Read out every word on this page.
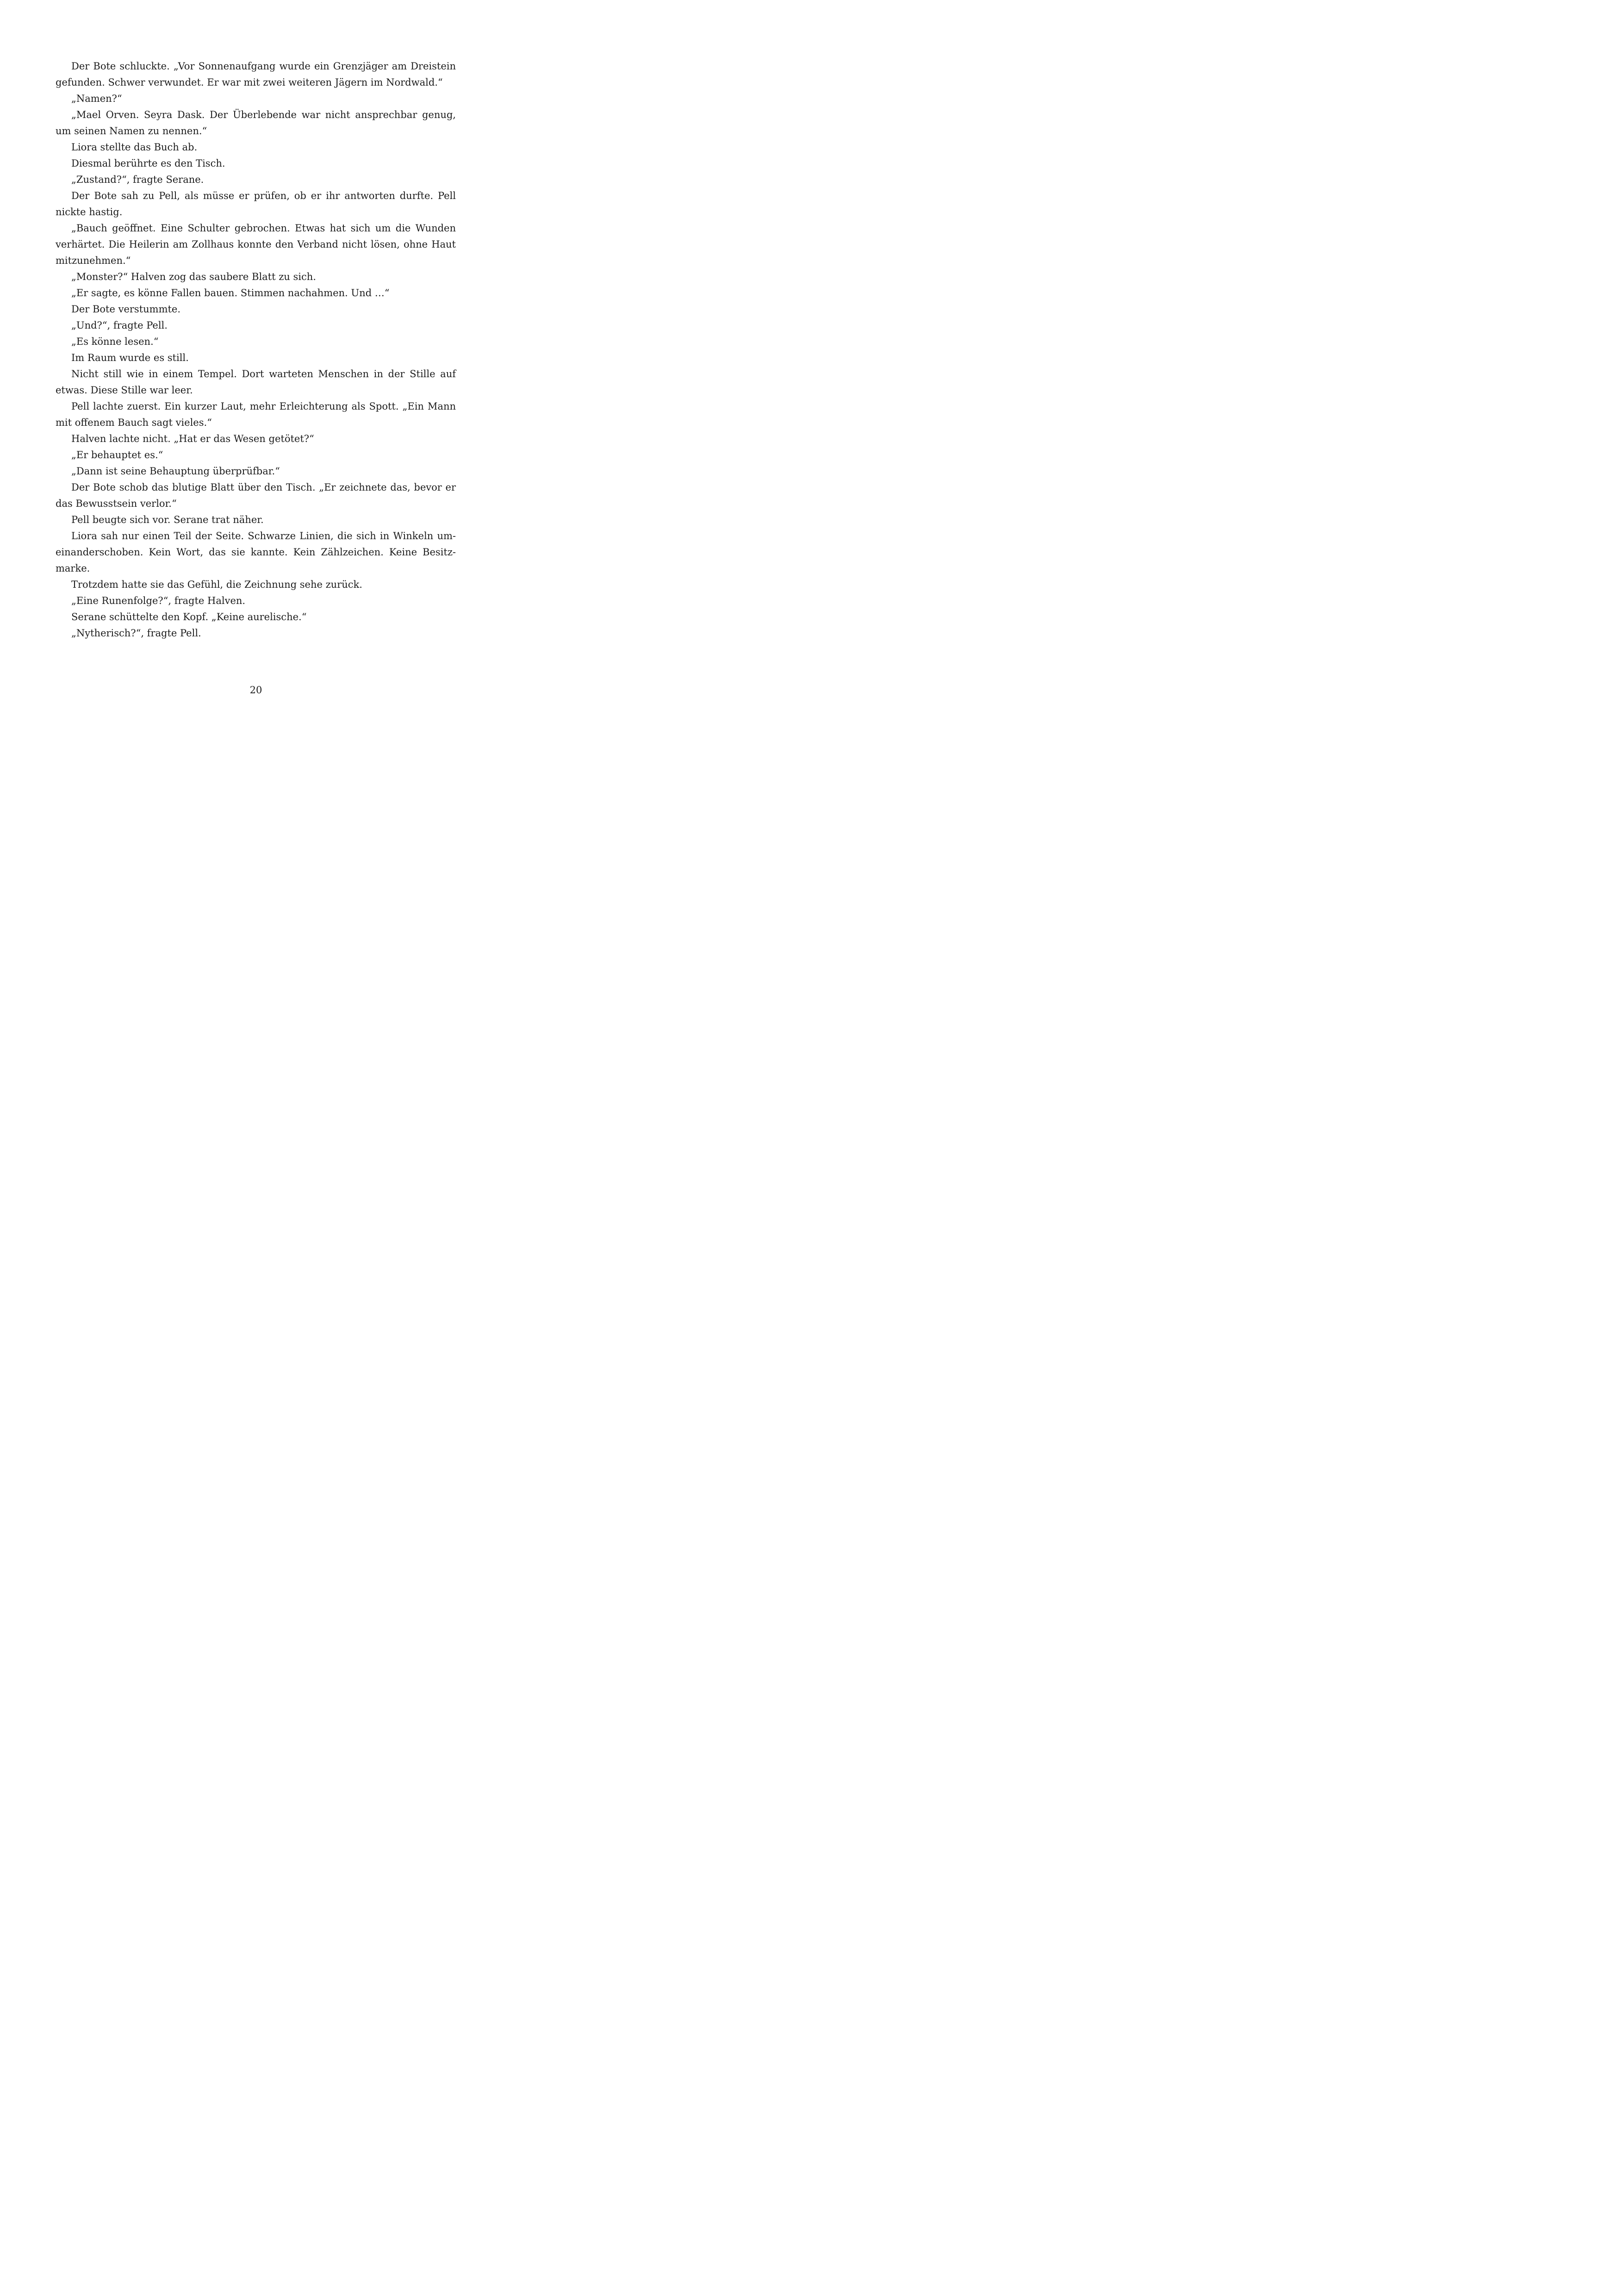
Der Bote schluckte. „Vor Sonnenaufgang wurde ein Grenzjäger am Dreistein gefunden. Schwer verwundet. Er war mit zwei weiteren Jägern im Nordwald.“

„Namen?“

„Mael Orven. Seyra Dask. Der Überlebende war nicht ansprechbar genug, um seinen Namen zu nennen.“

Liora stellte das Buch ab.

Diesmal berührte es den Tisch.

„Zustand?“, fragte Serane.

Der Bote sah zu Pell, als müsse er prüfen, ob er ihr antworten durfte. Pell nickte hastig.

„Bauch geöffnet. Eine Schulter gebrochen. Etwas hat sich um die Wunden verhärtet. Die Heilerin am Zollhaus konnte den Verband nicht lösen, ohne Haut mitzunehmen.“

„Monster?“ Halven zog das saubere Blatt zu sich.

„Er sagte, es könne Fallen bauen. Stimmen nachahmen. Und …“

Der Bote verstummte.

„Und?“, fragte Pell.

„Es könne lesen.“

Im Raum wurde es still.

Nicht still wie in einem Tempel. Dort warteten Menschen in der Stille auf etwas. Diese Stille war leer.

Pell lachte zuerst. Ein kurzer Laut, mehr Erleichterung als Spott. „Ein Mann mit offenem Bauch sagt vieles.“

Halven lachte nicht. „Hat er das Wesen getötet?“

„Er behauptet es.“

„Dann ist seine Behauptung überprüfbar.“

Der Bote schob das blutige Blatt über den Tisch. „Er zeichnete das, bevor er das Bewusstsein verlor.“

Pell beugte sich vor. Serane trat näher.

Liora sah nur einen Teil der Seite. Schwarze Linien, die sich in Winkeln umeinanderschoben. Kein Wort, das sie kannte. Kein Zählzeichen. Keine Besitzmarke.

Trotzdem hatte sie das Gefühl, die Zeichnung sehe zurück.

„Eine Runenfolge?“, fragte Halven.

Serane schüttelte den Kopf. „Keine aurelische.“

„Nytherisch?“, fragte Pell.

20
